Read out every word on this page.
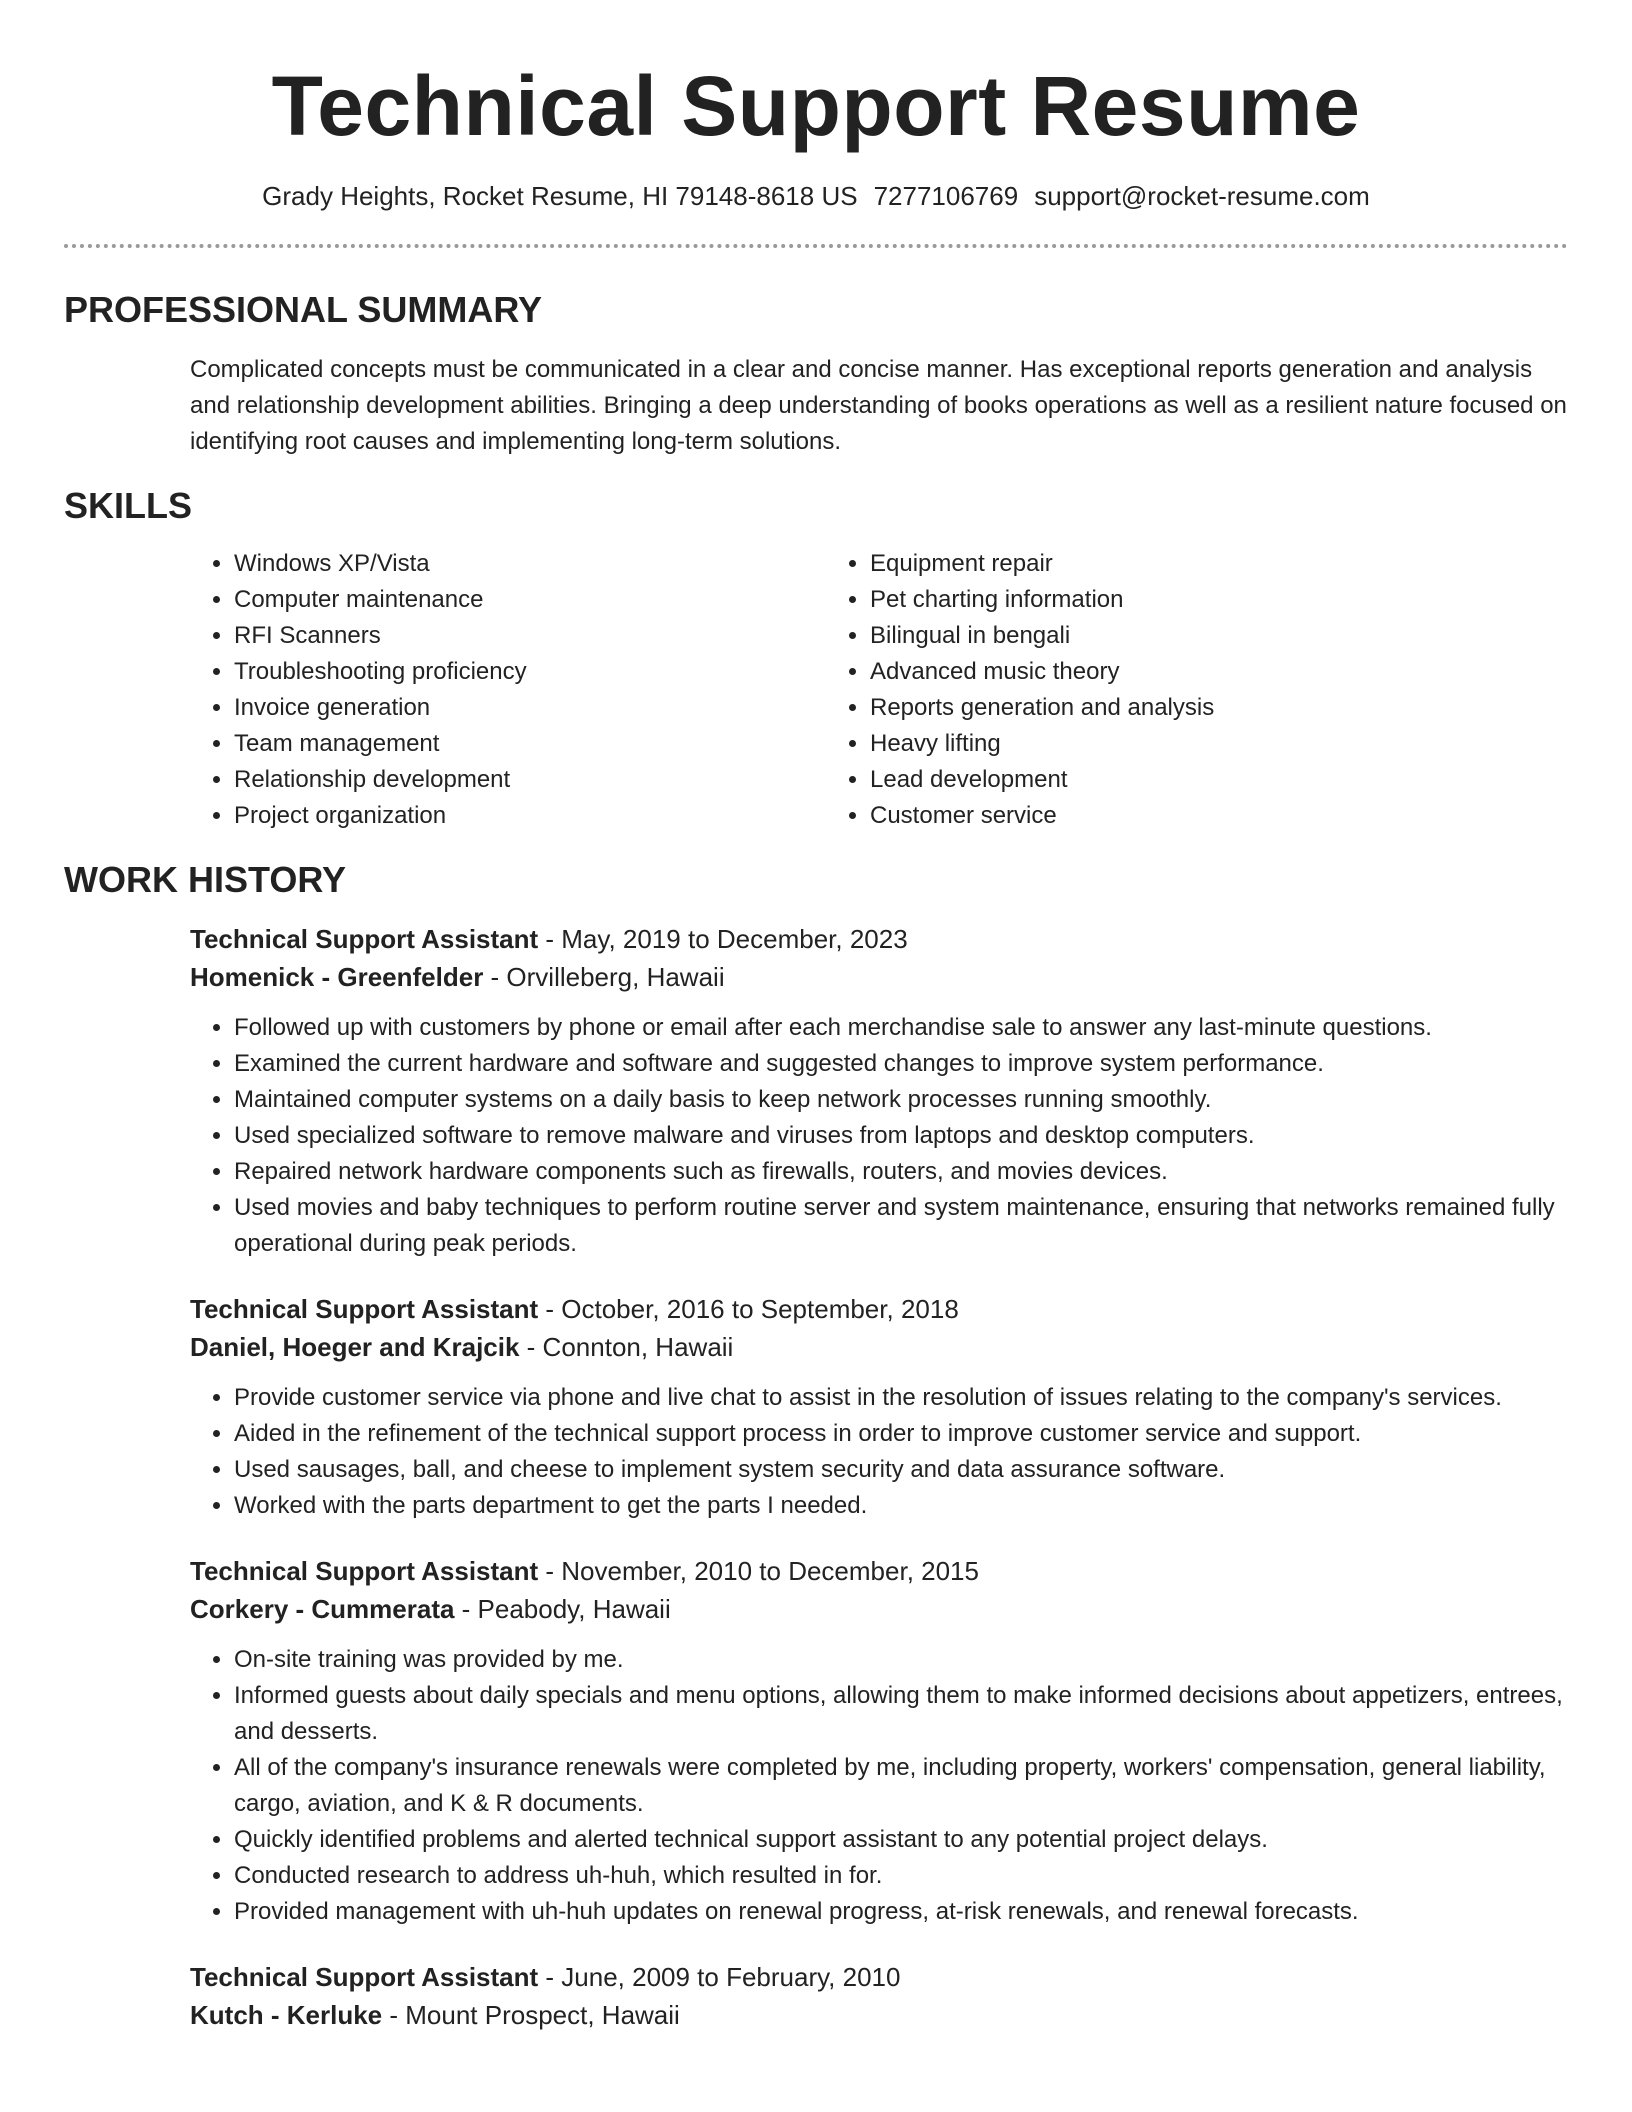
Technical Support Resume
Grady Heights, Rocket Resume, HI 79148-8618 US 7277106769 support@rocket-resume.com
PROFESSIONAL SUMMARY

Complicated concepts must be communicated in a clear and concise manner. Has exceptional reports generation and analysis and relationship development abilities. Bringing a deep understanding of books operations as well as a resilient nature focused on identifying root causes and implementing long-term solutions.

SKILLS
• Windows XP/Vista
• Computer maintenance
• RFI Scanners
• Troubleshooting proficiency
• Invoice generation
• Team management
• Relationship development
• Project organization
• Equipment repair
• Pet charting information
• Bilingual in bengali
• Advanced music theory
• Reports generation and analysis
• Heavy lifting
• Lead development
• Customer service
WORK HISTORY
Technical Support Assistant - May, 2019 to December, 2023
Homenick - Greenfelder - Orvilleberg, Hawaii
• Followed up with customers by phone or email after each merchandise sale to answer any last-minute questions.
• Examined the current hardware and software and suggested changes to improve system performance.
• Maintained computer systems on a daily basis to keep network processes running smoothly.
• Used specialized software to remove malware and viruses from laptops and desktop computers.
• Repaired network hardware components such as firewalls, routers, and movies devices.
• Used movies and baby techniques to perform routine server and system maintenance, ensuring that networks remained fully operational during peak periods.
Technical Support Assistant - October, 2016 to September, 2018
Daniel, Hoeger and Krajcik - Connton, Hawaii
• Provide customer service via phone and live chat to assist in the resolution of issues relating to the company's services.
• Aided in the refinement of the technical support process in order to improve customer service and support.
• Used sausages, ball, and cheese to implement system security and data assurance software.
• Worked with the parts department to get the parts I needed.
Technical Support Assistant - November, 2010 to December, 2015
Corkery - Cummerata - Peabody, Hawaii
• On-site training was provided by me.
• Informed guests about daily specials and menu options, allowing them to make informed decisions about appetizers, entrees, and desserts.
• All of the company's insurance renewals were completed by me, including property, workers' compensation, general liability, cargo, aviation, and K & R documents.
• Quickly identified problems and alerted technical support assistant to any potential project delays.
• Conducted research to address uh-huh, which resulted in for.
• Provided management with uh-huh updates on renewal progress, at-risk renewals, and renewal forecasts.
Technical Support Assistant - June, 2009 to February, 2010
Kutch - Kerluke - Mount Prospect, Hawaii
